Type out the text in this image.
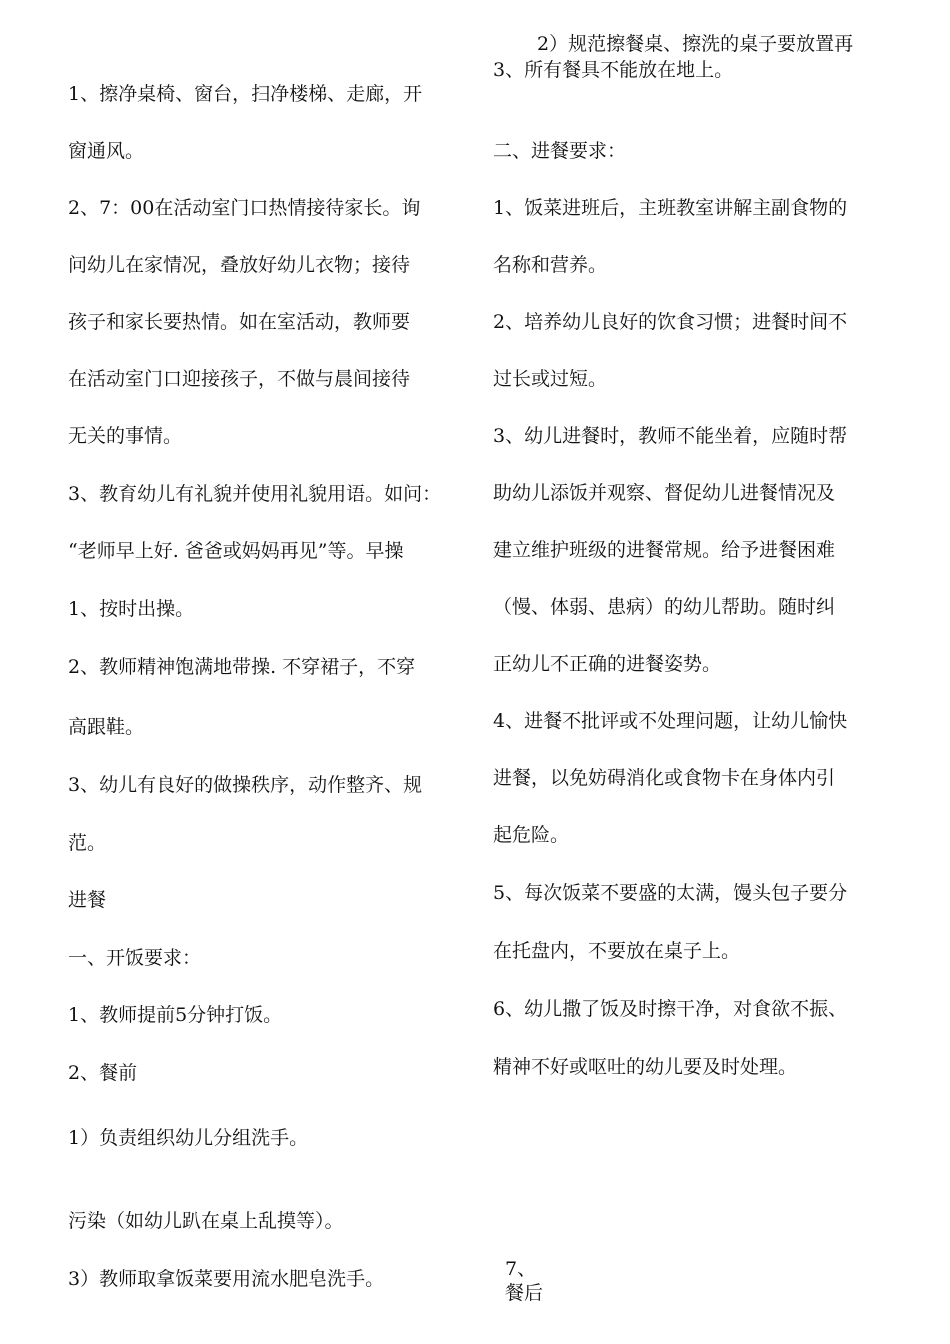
1、擦净桌椅、窗台，扫净楼梯、走廊，开
窗通风。
2、7：00在活动室门口热情接待家长。询
问幼儿在家情况，叠放好幼儿衣物；接待
孩子和家长要热情。如在室活动，教师要
在活动室门口迎接孩子，不做与晨间接待
无关的事情。
3、教育幼儿有礼貌并使用礼貌用语。如问：
“老师早上好. 爸爸或妈妈再见”等。早操
1、按时出操。
2、教师精神饱满地带操. 不穿裙子，不穿
高跟鞋。
3、幼儿有良好的做操秩序，动作整齐、规
范。
进餐
一、开饭要求：
1、教师提前5分钟打饭。
2、餐前
1）负责组织幼儿分组洗手。
污染（如幼儿趴在桌上乱摸等）。
3）教师取拿饭菜要用流水肥皂洗手。
2）规范擦餐桌、擦洗的桌子要放置再
3、所有餐具不能放在地上。
二、进餐要求：
1、饭菜进班后，主班教室讲解主副食物的
名称和营养。
2、培养幼儿良好的饮食习惯；进餐时间不
过长或过短。
3、幼儿进餐时，教师不能坐着，应随时帮
助幼儿添饭并观察、督促幼儿进餐情况及
建立维护班级的进餐常规。给予进餐困难
（慢、体弱、患病）的幼儿帮助。随时纠
正幼儿不正确的进餐姿势。
4、进餐不批评或不处理问题，让幼儿愉快
进餐，以免妨碍消化或食物卡在身体内引
起危险。
5、每次饭菜不要盛的太满，馒头包子要分
在托盘内，不要放在桌子上。
6、幼儿撒了饭及时擦干净，对食欲不振、
精神不好或呕吐的幼儿要及时处理。
7、
餐后
